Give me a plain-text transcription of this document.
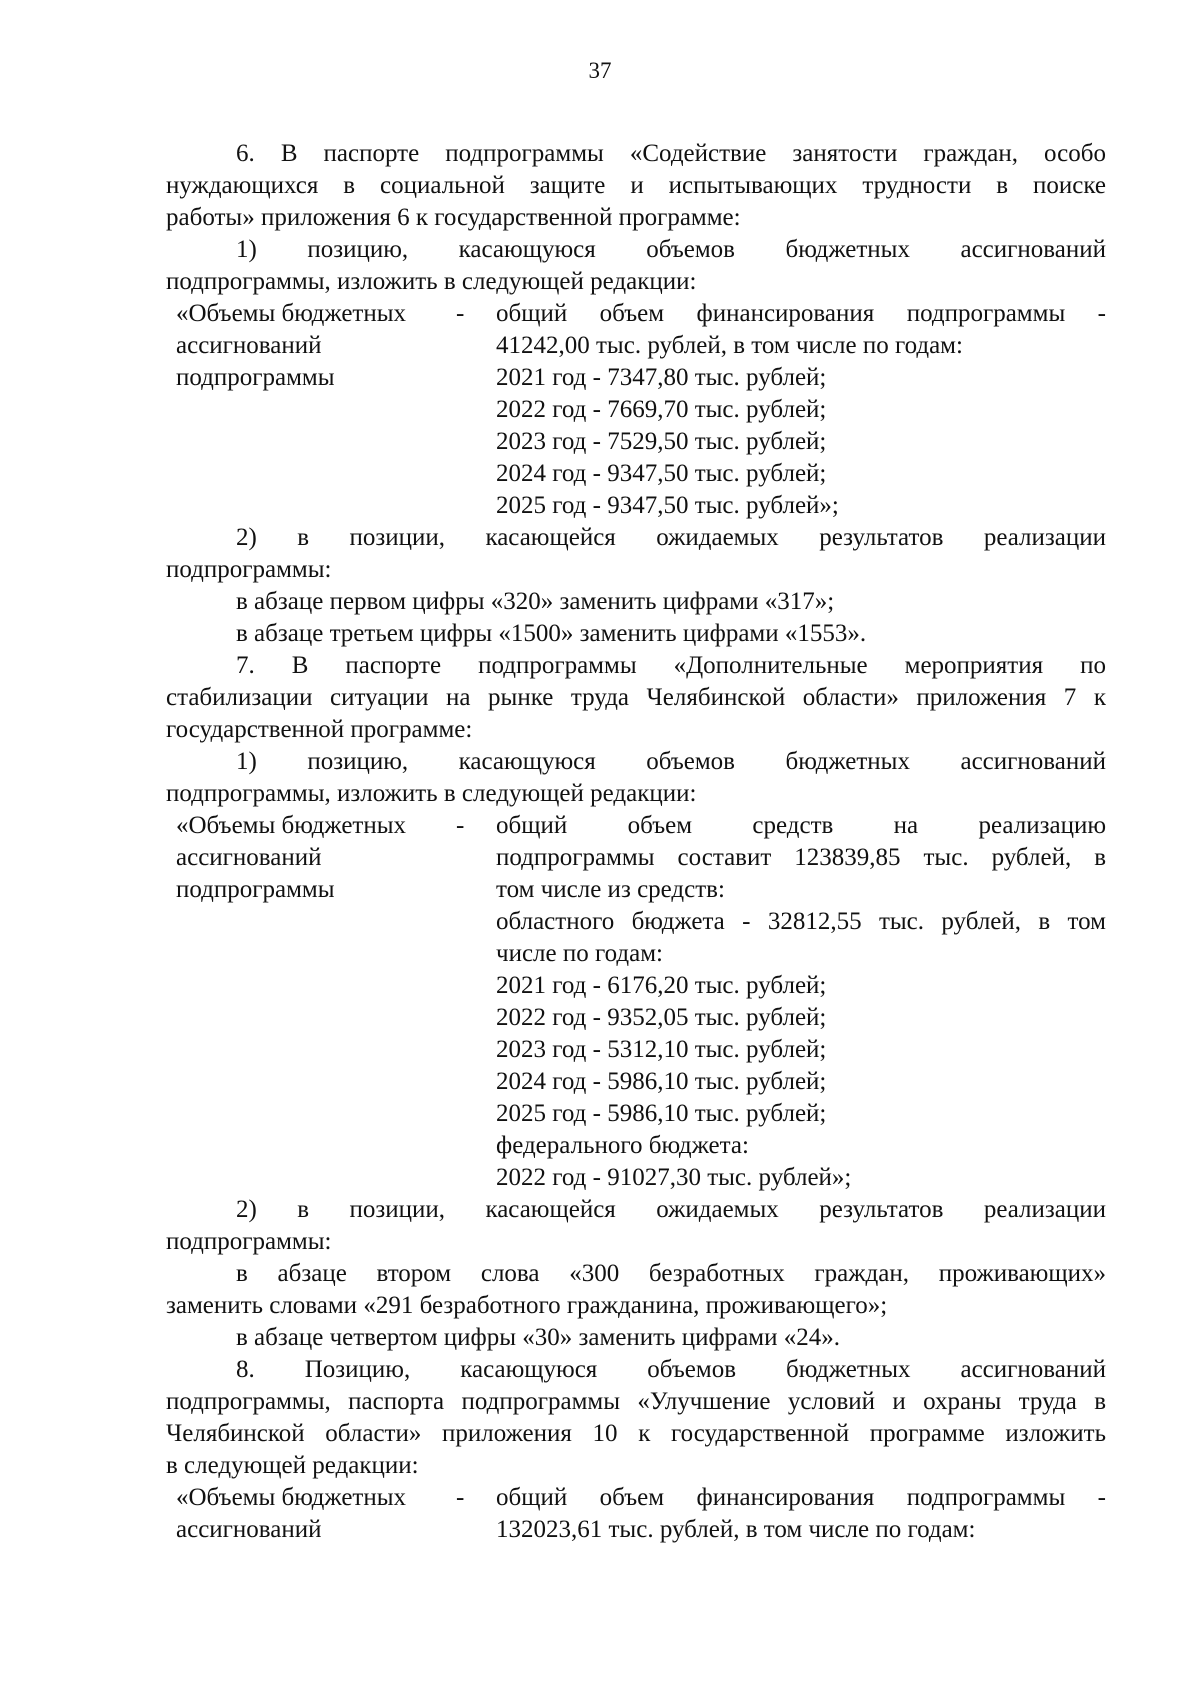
37
6. В паспорте подпрограммы «Содействие занятости граждан, особо
нуждающихся в социальной защите и испытывающих трудности в поиске
работы» приложения 6 к государственной программе:
1) позицию, касающуюся объемов бюджетных ассигнований
подпрограммы, изложить в следующей редакции:
«Объемы бюджетных	-	общий объем финансирования подпрограммы -
ассигнований	41242,00 тыс. рублей, в том числе по годам:
подпрограммы	2021 год - 7347,80 тыс. рублей;
2022 год - 7669,70 тыс. рублей;
2023 год - 7529,50 тыс. рублей;
2024 год - 9347,50 тыс. рублей;
2025 год - 9347,50 тыс. рублей»;
2) в позиции, касающейся ожидаемых результатов реализации
подпрограммы:
в абзаце первом цифры «320» заменить цифрами «317»;
в абзаце третьем цифры «1500» заменить цифрами «1553».
7. В паспорте подпрограммы «Дополнительные мероприятия по
стабилизации ситуации на рынке труда Челябинской области» приложения 7 к
государственной программе:
1) позицию, касающуюся объемов бюджетных ассигнований
подпрограммы, изложить в следующей редакции:
«Объемы бюджетных	-	общий объем средств на реализацию
ассигнований	подпрограммы составит 123839,85 тыс. рублей, в
подпрограммы	том числе из средств:
областного бюджета - 32812,55 тыс. рублей, в том
числе по годам:
2021 год - 6176,20 тыс. рублей;
2022 год - 9352,05 тыс. рублей;
2023 год - 5312,10 тыс. рублей;
2024 год - 5986,10 тыс. рублей;
2025 год - 5986,10 тыс. рублей;
федерального бюджета:
2022 год - 91027,30 тыс. рублей»;
2) в позиции, касающейся ожидаемых результатов реализации
подпрограммы:
в абзаце втором слова «300 безработных граждан, проживающих»
заменить словами «291 безработного гражданина, проживающего»;
в абзаце четвертом цифры «30» заменить цифрами «24».
8. Позицию, касающуюся объемов бюджетных ассигнований
подпрограммы, паспорта подпрограммы «Улучшение условий и охраны труда в
Челябинской области» приложения 10 к государственной программе изложить
в следующей редакции:
«Объемы бюджетных	-	общий объем финансирования подпрограммы -
ассигнований	132023,61 тыс. рублей, в том числе по годам:
